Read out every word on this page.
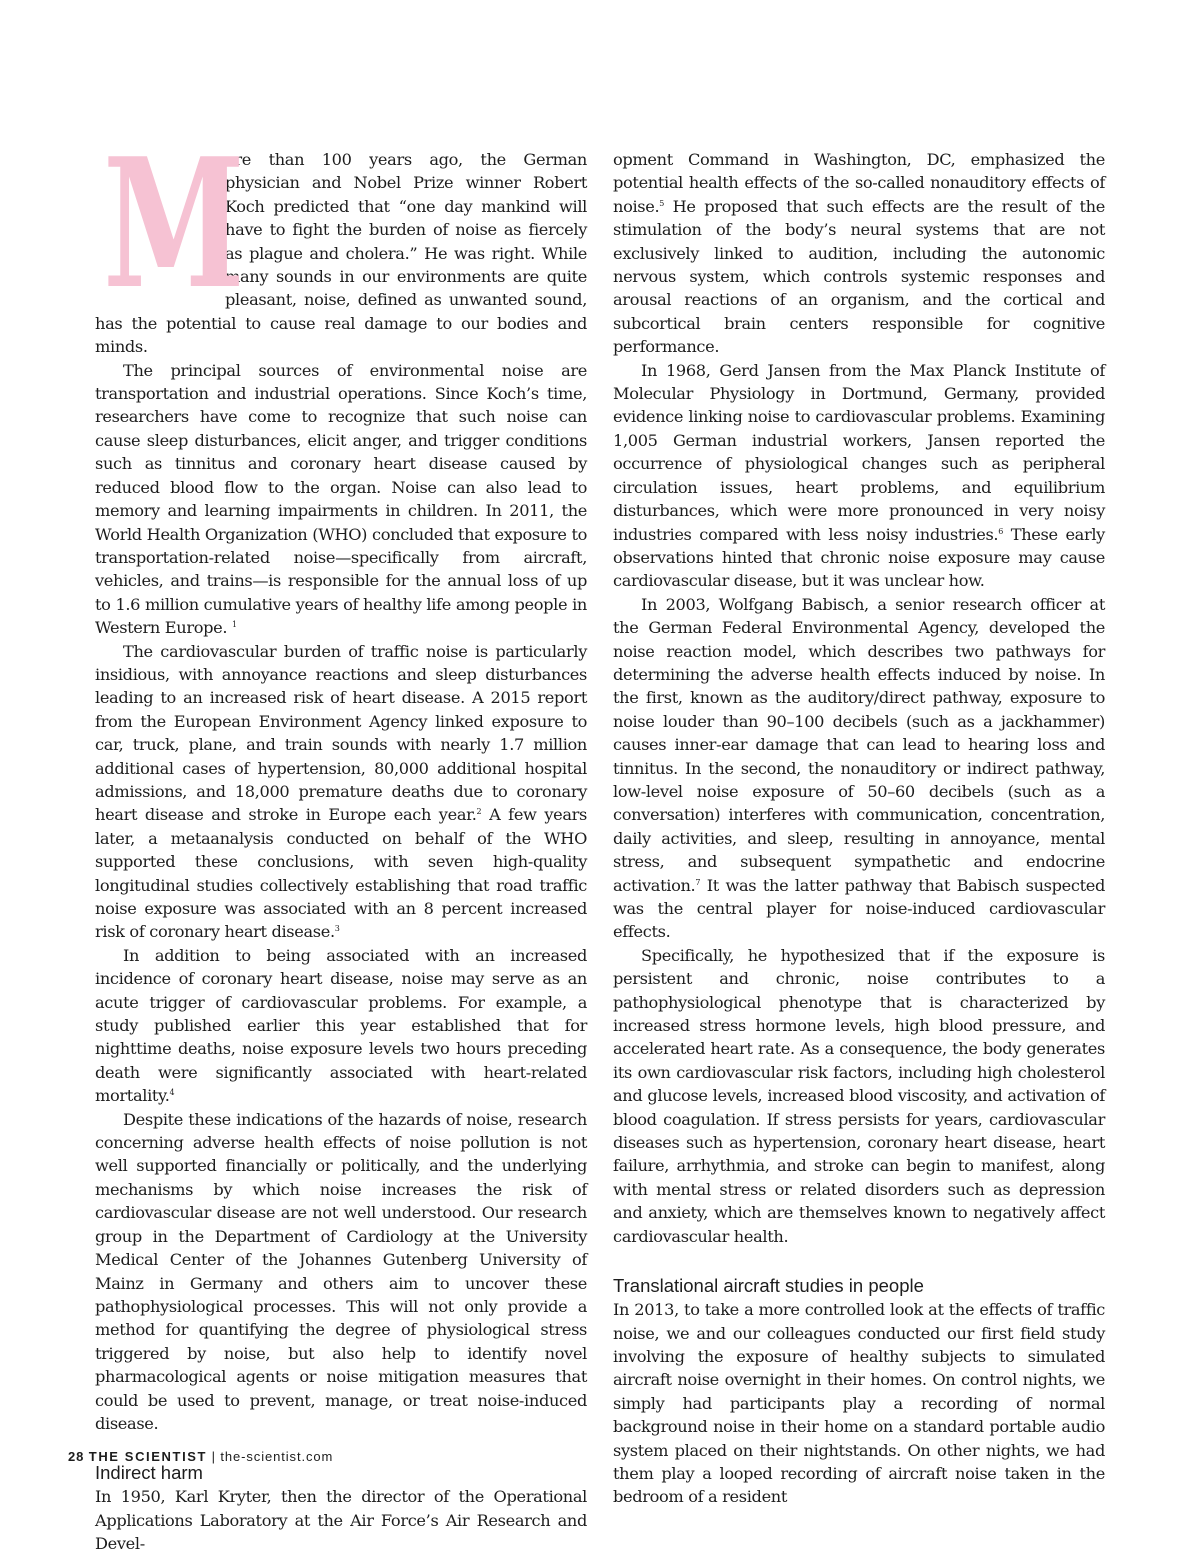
M

ore than 100 years ago, the German physician and Nobel Prize winner Robert Koch predicted that “one day mankind will have to fight the burden of noise as fiercely as plague and cholera.” He was right. While many sounds in our environments are quite pleasant, noise, defined as unwanted sound, has the potential to cause real damage to our bodies and minds.

The principal sources of environmental noise are transportation and industrial operations. Since Koch’s time, researchers have come to recognize that such noise can cause sleep disturbances, elicit anger, and trigger conditions such as tinnitus and coronary heart disease caused by reduced blood flow to the organ. Noise can also lead to memory and learning impairments in children. In 2011, the World Health Organization (WHO) concluded that exposure to transportation-related noise—specifically from aircraft, vehicles, and trains—is responsible for the annual loss of up to 1.6 million cumulative years of healthy life among people in Western Europe. $^1$

The cardiovascular burden of traffic noise is particularly insidious, with annoyance reactions and sleep disturbances leading to an increased risk of heart disease. A 2015 report from the European Environment Agency linked exposure to car, truck, plane, and train sounds with nearly 1.7 million additional cases of hypertension, 80,000 additional hospital admissions, and 18,000 premature deaths due to coronary heart disease and stroke in Europe each year.$^2$ A few years later, a metaanalysis conducted on behalf of the WHO supported these conclusions, with seven high-quality longitudinal studies collectively establishing that road traffic noise exposure was associated with an 8 percent increased risk of coronary heart disease.$^3$

In addition to being associated with an increased incidence of coronary heart disease, noise may serve as an acute trigger of cardiovascular problems. For example, a study published earlier this year established that for nighttime deaths, noise exposure levels two hours preceding death were significantly associated with heart-related mortality.$^4$

Despite these indications of the hazards of noise, research concerning adverse health effects of noise pollution is not well supported financially or politically, and the underlying mechanisms by which noise increases the risk of cardiovascular disease are not well understood. Our research group in the Department of Cardiology at the University Medical Center of the Johannes Gutenberg University of Mainz in Germany and others aim to uncover these pathophysiological processes. This will not only provide a method for quantifying the degree of physiological stress triggered by noise, but also help to identify novel pharmacological agents or noise mitigation measures that could be used to prevent, manage, or treat noise-induced disease.

Indirect harm

In 1950, Karl Kryter, then the director of the Operational Applications Laboratory at the Air Force’s Air Research and Devel-

opment Command in Washington, DC, emphasized the potential health effects of the so-called nonauditory effects of noise.$^5$ He proposed that such effects are the result of the stimulation of the body’s neural systems that are not exclusively linked to audition, including the autonomic nervous system, which controls systemic responses and arousal reactions of an organism, and the cortical and subcortical brain centers responsible for cognitive performance.

In 1968, Gerd Jansen from the Max Planck Institute of Molecular Physiology in Dortmund, Germany, provided evidence linking noise to cardiovascular problems. Examining 1,005 German industrial workers, Jansen reported the occurrence of physiological changes such as peripheral circulation issues, heart problems, and equilibrium disturbances, which were more pronounced in very noisy industries compared with less noisy industries.$^6$ These early observations hinted that chronic noise exposure may cause cardiovascular disease, but it was unclear how.

In 2003, Wolfgang Babisch, a senior research officer at the German Federal Environmental Agency, developed the noise reaction model, which describes two pathways for determining the adverse health effects induced by noise. In the first, known as the auditory/direct pathway, exposure to noise louder than 90–100 decibels (such as a jackhammer) causes inner-ear damage that can lead to hearing loss and tinnitus. In the second, the nonauditory or indirect pathway, low-level noise exposure of 50–60 decibels (such as a conversation) interferes with communication, concentration, daily activities, and sleep, resulting in annoyance, mental stress, and subsequent sympathetic and endocrine activation.$^7$ It was the latter pathway that Babisch suspected was the central player for noise-induced cardiovascular effects.

Specifically, he hypothesized that if the exposure is persistent and chronic, noise contributes to a pathophysiological phenotype that is characterized by increased stress hormone levels, high blood pressure, and accelerated heart rate. As a consequence, the body generates its own cardiovascular risk factors, including high cholesterol and glucose levels, increased blood viscosity, and activation of blood coagulation. If stress persists for years, cardiovascular diseases such as hypertension, coronary heart disease, heart failure, arrhythmia, and stroke can begin to manifest, along with mental stress or related disorders such as depression and anxiety, which are themselves known to negatively affect cardiovascular health.

Translational aircraft studies in people

In 2013, to take a more controlled look at the effects of traffic noise, we and our colleagues conducted our first field study involving the exposure of healthy subjects to simulated aircraft noise overnight in their homes. On control nights, we simply had participants play a recording of normal background noise in their home on a standard portable audio system placed on their nightstands. On other nights, we had them play a looped recording of aircraft noise taken in the bedroom of a resident

28 THE SCIENTIST | the-scientist.com
